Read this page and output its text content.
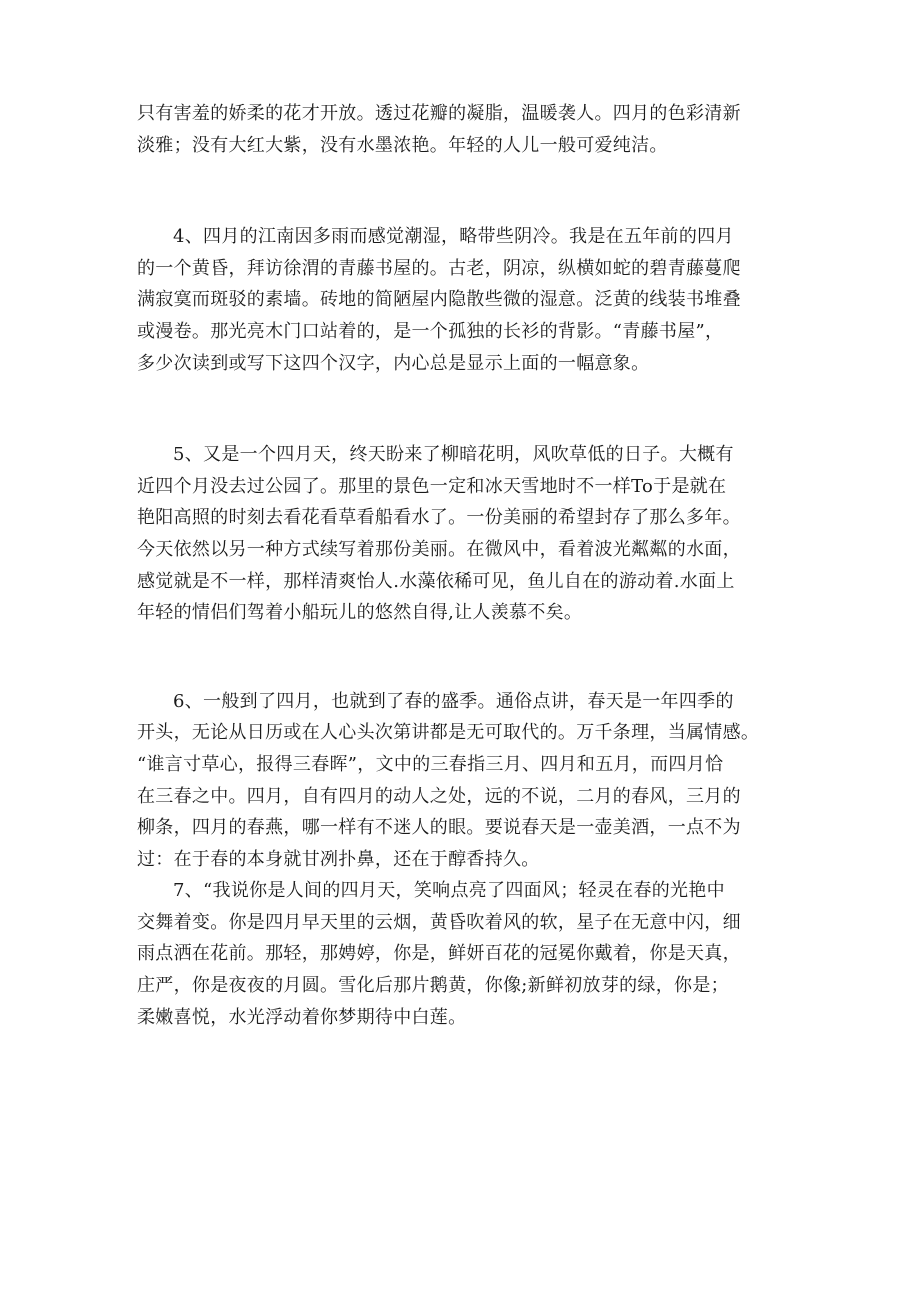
只有害羞的娇柔的花才开放。透过花瓣的凝脂，温暖袭人。四月的色彩清新
淡雅；没有大红大紫，没有水墨浓艳。年轻的人儿一般可爱纯洁。
4、四月的江南因多雨而感觉潮湿，略带些阴冷。我是在五年前的四月
的一个黄昏，拜访徐渭的青藤书屋的。古老，阴凉，纵横如蛇的碧青藤蔓爬
满寂寞而斑驳的素墙。砖地的简陋屋内隐散些微的湿意。泛黄的线装书堆叠
或漫卷。那光亮木门口站着的，是一个孤独的长衫的背影。“青藤书屋”，
多少次读到或写下这四个汉字，内心总是显示上面的一幅意象。
5、又是一个四月天，终天盼来了柳暗花明，风吹草低的日子。大概有
近四个月没去过公园了。那里的景色一定和冰天雪地时不一样To于是就在
艳阳高照的时刻去看花看草看船看水了。一份美丽的希望封存了那么多年。
今天依然以另一种方式续写着那份美丽。在微风中，看着波光粼粼的水面，
感觉就是不一样，那样清爽怡人.水藻依稀可见，鱼儿自在的游动着.水面上
年轻的情侣们驾着小船玩儿的悠然自得,让人羡慕不矣。
6、一般到了四月，也就到了春的盛季。通俗点讲，春天是一年四季的
开头，无论从日历或在人心头次第讲都是无可取代的。万千条理，当属情感。
“谁言寸草心，报得三春晖”，文中的三春指三月、四月和五月，而四月恰
在三春之中。四月，自有四月的动人之处，远的不说，二月的春风，三月的
柳条，四月的春燕，哪一样有不迷人的眼。要说春天是一壶美酒，一点不为
过：在于春的本身就甘冽扑鼻，还在于醇香持久。
7、“我说你是人间的四月天，笑响点亮了四面风；轻灵在春的光艳中
交舞着变。你是四月早天里的云烟，黄昏吹着风的软，星子在无意中闪，细
雨点洒在花前。那轻，那娉婷，你是，鲜妍百花的冠冕你戴着，你是天真，
庄严，你是夜夜的月圆。雪化后那片鹅黄，你像;新鲜初放芽的绿，你是；
柔嫩喜悦，水光浮动着你梦期待中白莲。
